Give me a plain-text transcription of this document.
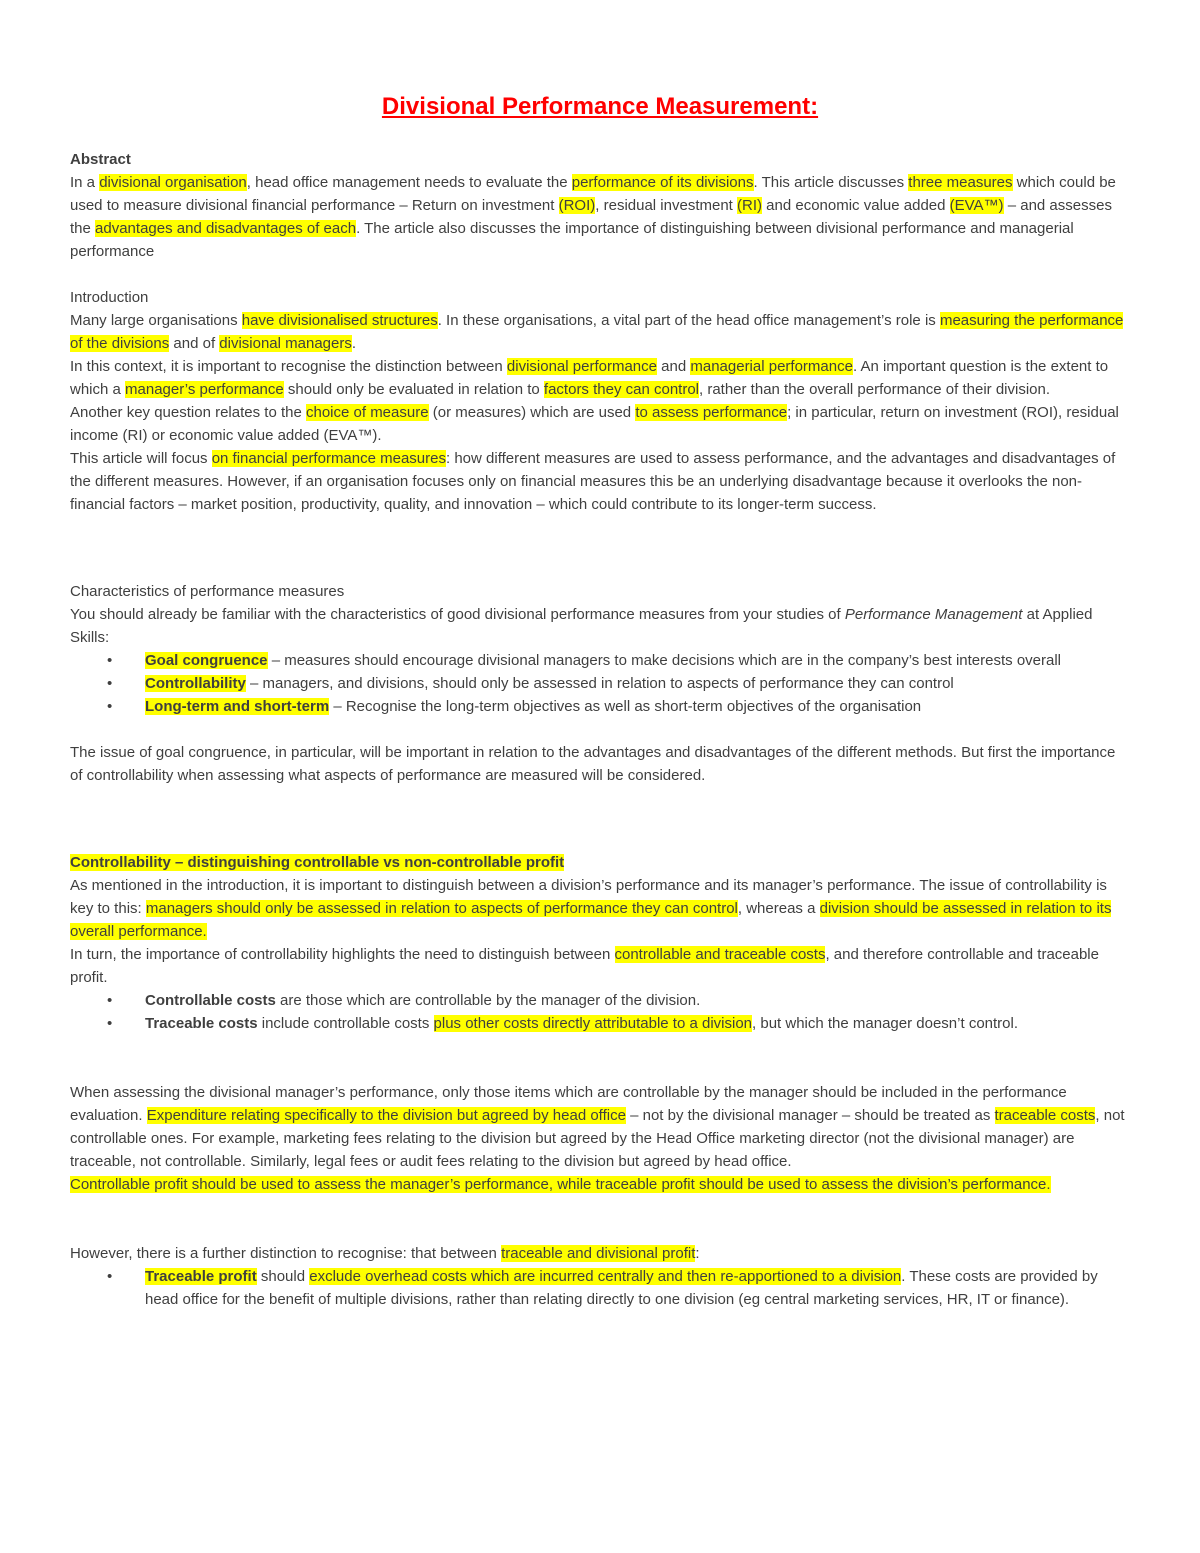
Divisional Performance Measurement:

Abstract

In a divisional organisation, head office management needs to evaluate the performance of its divisions. This article discusses three measures which could be used to measure divisional financial performance – Return on investment (ROI), residual investment (RI) and economic value added (EVA™) – and assesses the advantages and disadvantages of each. The article also discusses the importance of distinguishing between divisional performance and managerial performance

Introduction

Many large organisations have divisionalised structures. In these organisations, a vital part of the head office management’s role is measuring the performance of the divisions and of divisional managers.

In this context, it is important to recognise the distinction between divisional performance and managerial performance. An important question is the extent to which a manager’s performance should only be evaluated in relation to factors they can control, rather than the overall performance of their division.

Another key question relates to the choice of measure (or measures) which are used to assess performance; in particular, return on investment (ROI), residual income (RI) or economic value added (EVA™).

This article will focus on financial performance measures: how different measures are used to assess performance, and the advantages and disadvantages of the different measures. However, if an organisation focuses only on financial measures this be an underlying disadvantage because it overlooks the non-financial factors – market position, productivity, quality, and innovation – which could contribute to its longer-term success.

Characteristics of performance measures

You should already be familiar with the characteristics of good divisional performance measures from your studies of Performance Management at Applied Skills:

• Goal congruence – measures should encourage divisional managers to make decisions which are in the company’s best interests overall
• Controllability – managers, and divisions, should only be assessed in relation to aspects of performance they can control
• Long-term and short-term – Recognise the long-term objectives as well as short-term objectives of the organisation

The issue of goal congruence, in particular, will be important in relation to the advantages and disadvantages of the different methods. But first the importance of controllability when assessing what aspects of performance are measured will be considered.

Controllability – distinguishing controllable vs non-controllable profit

As mentioned in the introduction, it is important to distinguish between a division’s performance and its manager’s performance. The issue of controllability is key to this: managers should only be assessed in relation to aspects of performance they can control, whereas a division should be assessed in relation to its overall performance.

In turn, the importance of controllability highlights the need to distinguish between controllable and traceable costs, and therefore controllable and traceable profit.

• Controllable costs are those which are controllable by the manager of the division.
• Traceable costs include controllable costs plus other costs directly attributable to a division, but which the manager doesn’t control.

When assessing the divisional manager’s performance, only those items which are controllable by the manager should be included in the performance evaluation. Expenditure relating specifically to the division but agreed by head office – not by the divisional manager – should be treated as traceable costs, not controllable ones. For example, marketing fees relating to the division but agreed by the Head Office marketing director (not the divisional manager) are traceable, not controllable. Similarly, legal fees or audit fees relating to the division but agreed by head office.

Controllable profit should be used to assess the manager’s performance, while traceable profit should be used to assess the division’s performance.

However, there is a further distinction to recognise: that between traceable and divisional profit:

• Traceable profit should exclude overhead costs which are incurred centrally and then re-apportioned to a division. These costs are provided by head office for the benefit of multiple divisions, rather than relating directly to one division (eg central marketing services, HR, IT or finance).
